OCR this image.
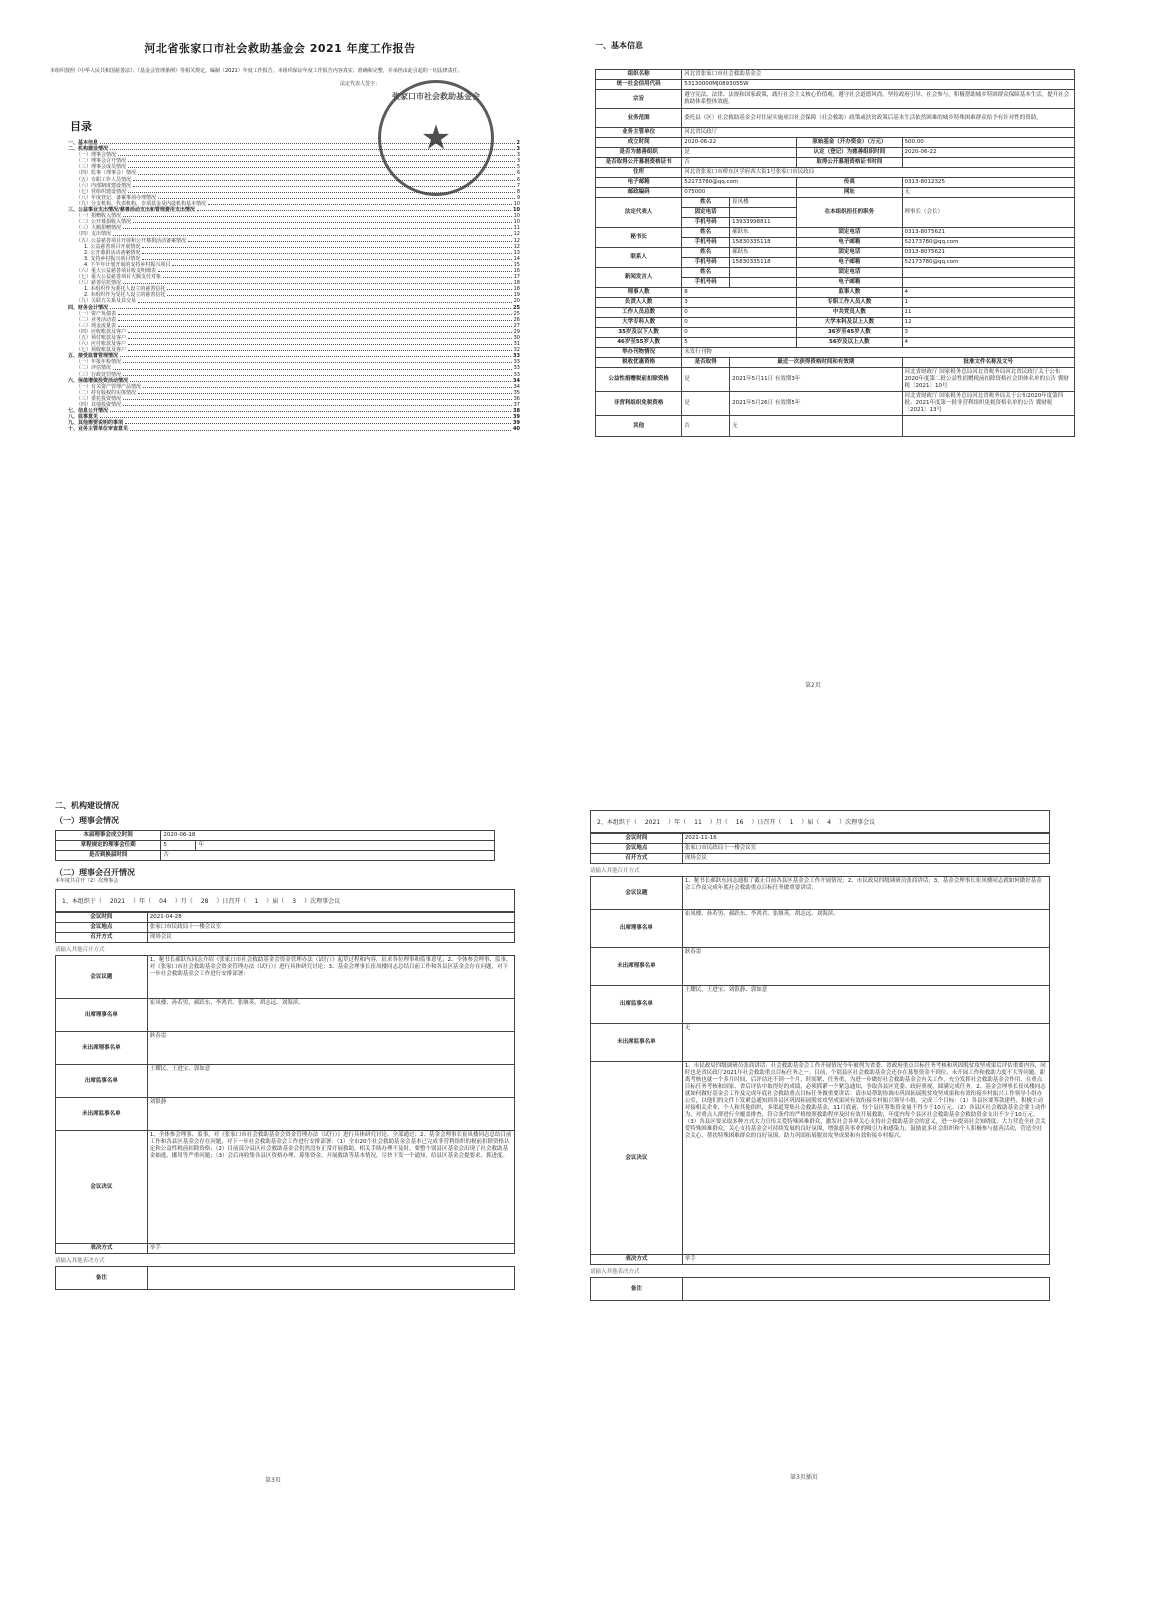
河北省张家口市社会救助基金会 2021 年度工作报告
本组织按照《中华人民共和国慈善法》、《基金会管理条例》等相关规定，编制（2021）年度工作报告。本组织保证年度工作报告内容真实、准确和完整，并承担由此引起的一切法律责任。
法定代表人签字：
张家口市社会救助基金会
★
目录
一、基本信息	2
二、机构建设情况	3
（一）理事会情况	3
（二）理事会召开情况	3
（三）理事会成员情况	5
（四）监事（理事会）情况	6
（五）专职工作人员情况	6
（六）内部制度建设情况	7
（七）党组织建设情况	8
（八）年度登记、备案事项办理情况	9
（九）分支机构、代表机构、专项基金及内设机构基本情况	10
三、公益事业支出情况/慈善活动支出和管理费用支出情况	10
（一）捐赠收入情况	10
（二）公开募捐收入情况	10
（三）大额捐赠情况	11
（四）支出情况	12
（五）公益慈善项目开展和公开募捐活动备案情况	12
1. 公益慈善项目开展情况	12
2. 公开募捐活动备案情况	13
3. 支持乡村振兴项目情况	14
4. 下半年计划开展的支持乡村振兴项目	15
（六）重大公益慈善项目收支明细表	16
（七）重大公益慈善项目大额支付对象	17
（八）慈善信托情况	18
1. 本组织作为委托人设立的慈善信托	18
2. 本组织作为受托人设立的慈善信托	19
（九）关联方关系及其交易	20
四、财务会计情况	25
（一）资产负债表	25
（二）业务活动表	26
（三）现金流量表	27
（四）应收账款及客户	29
（五）预付账款及客户	30
（六）应付账款及客户	31
（七）预收账款及客户	32
五、接受监督管理情况	33
（一）年报年检情况	33
（二）评估情况	33
（三）行政处罚情况	33
六、保值增值投资活动情况	34
（一）有关资产管理产品情况	34
（二）持有股权的实体情况	35
（三）委托投资情况	36
（四）其他投资情况	37
七、信息公开情况	38
八、监事意见	39
九、其他需要说明的事项	39
十、业务主管单位审查意见	40
一、基本信息
组织名称	河北省张家口市社会救助基金会			
统一社会信用代码	53130000MJ0893055W			
宗旨	遵守宪法、法律、法规和国家政策，践行社会主义核心价值观，遵守社会道德风尚。坚持政府引导、社会参与，积极帮助城乡特困群众保障基本生活，提升社会救助体系整体效能。			
业务范围	委托县（区）社会救助基金会对住屋实施项目社会保障（社会救助）政策或扶贫政策后基本生活依然困难的城乡特殊困难群众给予有针对性的资助。			
业务主管单位	河北省民政厅			
成立时间	2020-06-22		原始基金（开办资金）（万元）	500.00
是否为慈善组织	是		认定（登记）为慈善组织时间	2020-06-22
是否取得公开募捐资格证书	否		取得公开募捐资格证书时间	
住所	河北省张家口市桥东区学府西大街1号张家口市民政局			
电子邮箱	52173780@qq.com		传真	0313-8012325
邮政编码	075000		网址	无
法定代表人	姓名	崔凤楼	在本组织担任的职务	理事长（会长）
	固定电话			
	手机号码	13933998811		
秘书长	姓名	郝跃东	固定电话	0313-8075621
	手机号码	15830335118	电子邮箱	52173780@qq.com
联系人	姓名	郝跃东	固定电话	0313-8075621
	手机号码	15830335118	电子邮箱	52173780@qq.com
新闻发言人	姓名		固定电话	
	手机号码		电子邮箱	
理事人数	8		监事人数	4
负责人人数	3		专职工作人员人数	1
工作人员总数	0		中共党员人数	11
大学专科人数	0		大学本科及以上人数	12
35岁及以下人数	0		36岁至45岁人数	3
46岁至55岁人数	5		56岁及以上人数	4
举办刊物情况	未发行刊物			
税收优惠资格	是否取得	最近一次获得资格时间和有效期		批准文件名称及文号
公益性捐赠税前扣除资格	是	2021年5月11日 有效期3年		河北省财政厅 国家税务总局河北省税务局河北省民政厅关于公布2020年度第二批公益性捐赠税前扣除资格社会团体名单的公告 冀财税〔2021〕10号
非营利组织免税资格	是	2021年5月26日 有效期5年		河北省财政厅 国家税务总局河北省税务局关于公布2020年度第四批、2021年度第一批非营利组织免税资格名单的公告 冀财税〔2021〕13号
其他	否	无		
第2页
二、机构建设情况
（一）理事会情况
本届理事会成立时间	2020-06-18	
章程规定的理事会任期	5	年
是否到换届时间	否	
（二）理事会召开情况
本年度共召开（2）次理事会
1、本组织于（ 2021 ）年（ 04 ）月（ 28 ）日召开（ 1 ）届（ 3 ）次理事会议
会议时间	2021-04-28
会议地点	张家口市民政局十一楼会议室
召开方式	现场会议
请输入其他召开方式
会议议题	1、秘书长郝跃东同志介绍《张家口市社会救助基金会资金管理办法（试行）》起草过程和内容，征求各位理事和监事意见；2、全体参会理事、监事，对《张家口市社会救助基金会资金管理办法（试行）》进行具体研究讨论；3、基金会理事长崔凤楼同志总结目前工作和各县区基金会存在问题，对下一步社会救助基金会工作进行安排部署：
出席理事名单	崔凤楼、孙若男、郝跃东、李鸿君、张继英、胡志远、刘海滨、
未出席理事名单	耿春雷
出席监事名单	王耀民、王进宝、郭如意
未出席监事名单	刘银静
会议决议	1、全体参会理事、监事，对《张家口市社会救助基金会资金管理办法（试行）》进行具体研究讨论，全部通过；2、基金会理事长崔凤楼同志总结目前工作和各县区基金会存在问题，对下一步社会救助基金会工作进行安排部署：（1）全市20个社会救助基金会基本已完成非营利组织的税前扣除资格认定和公益性税前扣除资格；（2）目前部分县区社会救助基金会仍然没有正常开展救助，相关手续办理不及时，要整个别县区基金会出现了社会救助基金抽逃、挪用等严重问题；（3）会后再收集各县区资格办理、募集资金、开展救助等基本情况，尽快下发一个通知，给县区基金会提要求、抓进度。
表决方式	举手
请输入其他表决方式
备注	
第3页
2、本组织于（ 2021 ）年（ 11 ）月（ 16 ）日召开（ 1 ）届（ 4 ）次理事会议
会议时间	2021-11-16
会议地点	张家口市民政局十一楼会议室
召开方式	现场会议
请输入其他召开方式
会议议题	1、秘书长郝跃东同志通报了截止目前各县区基金会工作开展情况；2、市民政局四级调研员张商讲话；3、基金会理事长崔凤楼同志就如何做好基金会工作及完成年底社会救助重点目标任务做重要讲话：
出席理事名单	崔凤楼、孙若男、郝跃东、李鸿君、张继英、胡志远、刘海滨、
未出席理事名单	耿春雷
出席监事名单	王耀民、王进宝、刘银静、郭如意
未出席监事名单	无
会议决议	1、市民政局四级调研员张商讲话：社会救助基金会工作开展情况今年被列为省委、省政府重点目标任务考核和巩固脱贫攻坚成果后评估重要内容，同时也是省民政厅2021年社会救助重点目标任务之一。目前，个别县区社会救助基金会还存在募集资金不到位、未开展工作和救助力度不大等问题。距离考核也就一个多月时间，后评估还不到一个月，时间紧、任务重，为进一步做好社会救助基金会有关工作，充分发挥社会救助基金会作用，在重点目标任务考核和国家、省后评估中取得好的成绩，必须抓紧一个紧急通知，争取各县区党委、政府重视，圆满完成任务。2、基金会理事长崔凤楼同志就如何做好基金会工作及完成年底社会救助重点目标任务做重要讲话：请市局帮助协调市巩固拓展脱贫攻坚成果和有效衔接乡村振兴工作领导小组办公室，以他们的文件下发紧急通知到各县区巩固拓展脱贫攻坚成果同有效衔接乡村振兴领导小组，完成三个目标：（1）各县区要筹款建档，积极主动对接相关企业、个人和其他组织，多渠道筹集社会救助基金，11月底前，每个县区筹集资金量不得少于10万元。（2）各县区社会救助基金会要主动作为，对重点人群进行全覆盖排查，符合条件的严格按照救助程序及时有效开展救助，年度内每个县区社会救助基金会救助资金支出不少于10万元。（3）各县区要采取多种方式大力宣传关爱特殊困难群众，激发社会各界关心支持社会救助基金会的意义，进一步提高社会知晓度，大力营造全社会关爱特殊困难群众，关心支持基金会可持续发展的良好氛围，增强慈善事业的吸引力和感染力，鼓励更多社会组织和个人积极参与慈善活动，营造全社会关心、帮扶特殊困难群众的良好氛围，助力巩固拓展脱贫攻坚成果和有效衔接乡村振兴。
表决方式	举手
请输入其他表决方式
备注	
第3页插页
